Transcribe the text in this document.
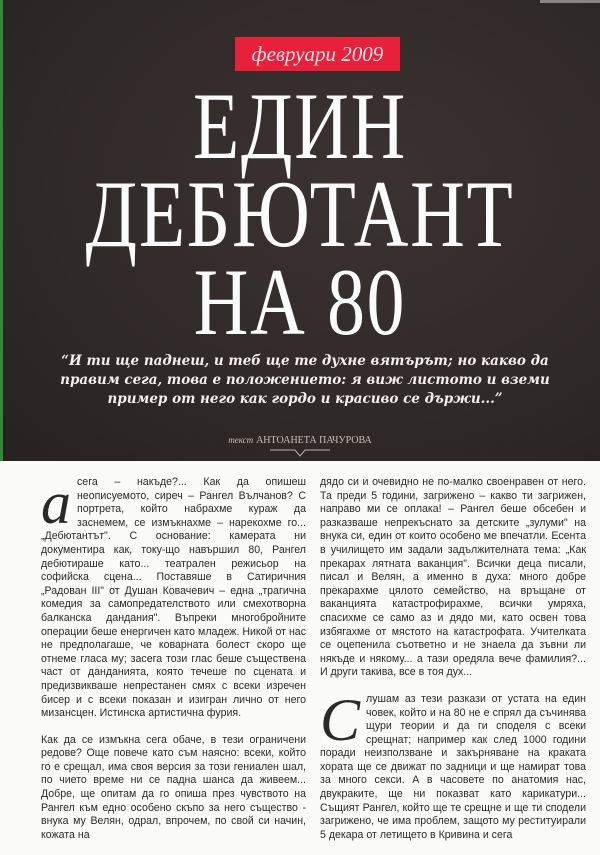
февруари 2009
ЕДИН
ДЕБЮТАНТ
НА 80
“И ти ще паднеш, и теб ще те духне вятърът; но какво да правим сега, това е положението: я виж листото и вземи пример от него как гордо и красиво се държи...”
текст АНТОАНЕТА ПАЧУРОВА

асега – накъде?... Как да опишеш неописуемото, сиреч – Рангел Вълчанов? С портрета, който набрахме кураж да заснемем, се измъкнахме – нарекохме го... „Дебютантът". С основание: камерата ни документира как, току-що навършил 80, Рангел дебютираше като... театрален режисьор на софийска сцена... Поставяше в Сатиричния „Радован III" от Душан Ковачевич – една „трагична комедия за самопредателството или смехотворна балканска дандания". Въпреки многобройните операции беше енергичен като младеж. Никой от нас не предполагаше, че коварната болест скоро ще отнеме гласа му; засега този глас беше съществена част от данданията, която течеше по сцената и предизвикваше непрестанен смях с всеки изречен бисер и с всеки показан и изигран лично от него мизансцен. Истинска артистична фурия.

Как да се измъкна сега обаче, в тези ограничени редове? Още повече като съм наясно: всеки, който го е срещал, има своя версия за този гениален шал, по чието време ни се падна шанса да живеем... Добре, ще опитам да го опиша през чувството на Рангел към едно особено скъпо за него същество - внука му Велян, одрал, впрочем, по свой си начин, кожата на

дядо си и очевидно не по-малко своенравен от него. Та преди 5 години, загрижено – какво ти загрижен, направо ми се оплака! – Рангел беше обсебен и разказваше непрекъснато за детските „зулуми" на внука си, един от които особено ме впечатли. Есента в училището им задали задължителната тема: „Как прекарах лятната ваканция". Всички деца писали, писал и Велян, а именно в духа: много добре прекарахме цялото семейство, на връщане от ваканцията катастрофирахме, всички умряха, спасихме се само аз и дядо ми, като освен това избягахме от мястото на катастрофата. Учителката се оцепенила съответно и не знаела да зъвни ли някъде и някому... а тази оредяла вече фамилия?... И други такива, все в тоя дух...

Слушам аз тези разкази от устата на един човек, който и на 80 не е спрял да съчинява щури теории и да ги споделя с всеки срещнат; например как след 1000 години поради неизползване и закърняване на краката хората ще се движат по задници и ще намират това за много секси. А в часовете по анатомия нас, двукраките, ще ни показват като карикатури... Същият Рангел, който ще те срещне и ще ти сподели загрижено, че има проблем, защото му реституирали 5 декара от летището в Кривина и сега
